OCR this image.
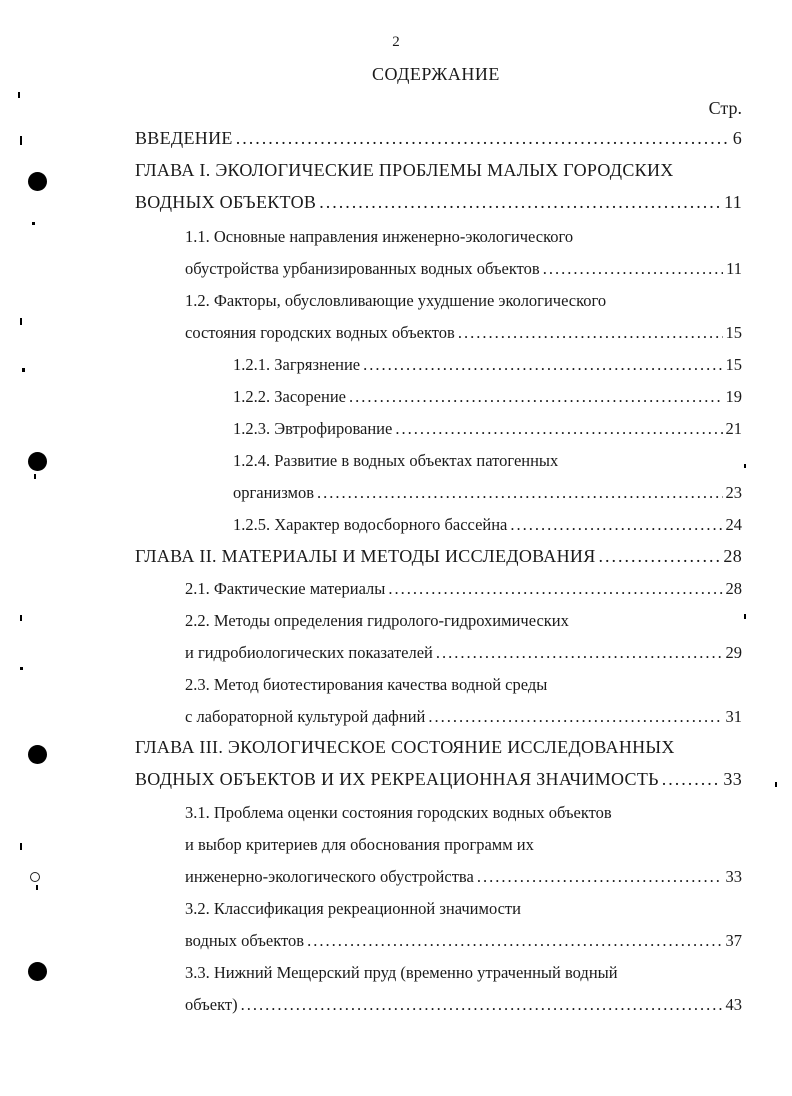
2
СОДЕРЖАНИЕ
Стр.
ВВЕДЕНИЕ .....	6
ГЛАВА I. ЭКОЛОГИЧЕСКИЕ ПРОБЛЕМЫ МАЛЫХ ГОРОДСКИХ
ВОДНЫХ ОБЪЕКТОВ .....	11
1.1. Основные направления инженерно-экологического
обустройства урбанизированных водных объектов .....	11
1.2. Факторы, обусловливающие ухудшение экологического
состояния городских водных объектов .....	15
1.2.1. Загрязнение .....	15
1.2.2. Засорение .....	19
1.2.3. Эвтрофирование .....	21
1.2.4. Развитие в водных объектах патогенных
организмов .....	23
1.2.5. Характер водосборного бассейна .....	24
ГЛАВА II. МАТЕРИАЛЫ И МЕТОДЫ ИССЛЕДОВАНИЯ .....	28
2.1. Фактические материалы .....	28
2.2. Методы определения гидролого-гидрохимических
и гидробиологических показателей .....	29
2.3. Метод биотестирования качества водной среды
с лабораторной культурой дафний .....	31
ГЛАВА III. ЭКОЛОГИЧЕСКОЕ СОСТОЯНИЕ ИССЛЕДОВАННЫХ
ВОДНЫХ ОБЪЕКТОВ И ИХ РЕКРЕАЦИОННАЯ ЗНАЧИМОСТЬ .....	33
3.1. Проблема оценки состояния городских водных объектов
и выбор критериев для обоснования программ их
инженерно-экологического обустройства .....	33
3.2. Классификация рекреационной значимости
водных объектов .....	37
3.3. Нижний Мещерский пруд (временно утраченный водный
объект) .....	43
